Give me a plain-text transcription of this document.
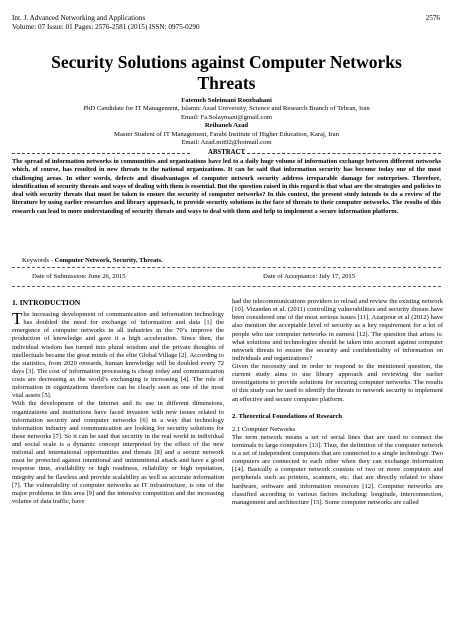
Int. J. Advanced Networking and Applications
Volume: 07 Issue: 01 Pages: 2576-2581 (2015) ISSN: 0975-0290
2576
Security Solutions against Computer Networks
Threats
Fatemeh Soleimani Roozbahani
PhD Candidate for IT Management, Islamic Azad University, Science and Research Branch of Tehran, Iran
Email: Fa.Solaymani@gmail.com
Reihaneh Azad
Master Student of IT Management, Farabi Institute of Higher Education, Karaj, Iran
Email: Azad.mit92@hotmail.com
ABSTRACT
The spread of information networks in communities and organizations have led to a daily huge volume of information exchange between different networks which, of course, has resulted in new threats to the national organizations. It can be said that information security has become today one of the most challenging areas. In other words, defects and disadvantages of computer network security address irreparable damage for enterprises. Therefore, identification of security threats and ways of dealing with them is essential. But the question raised in this regard is that what are the strategies and policies to deal with security threats that must be taken to ensure the security of computer networks? In this context, the present study intends to do a review of the literature by using earlier researches and library approach, to provide security solutions in the face of threats to their computer networks. The results of this research can lead to more understanding of security threats and ways to deal with them and help to implement a secure information platform.
Keywords - Computer Network, Security, Threats.
Date of Submission: June 26, 2015	Date of Acceptance: July 17, 2015
1. INTRODUCTION

The increasing development of communication and information technology has doubled the need for exchange of information and data [1] the emergence of computer networks in all industries in the 70’s improve the production of knowledge and gave it a high acceleration. Since then, the individual wisdom has turned into plural wisdom and the private thoughts of intellectuals became the great minds of the elite Global Village [2]. According to the statistics, from 2020 onwards, human knowledge will be doubled every 72 days [3]. The cost of information processing is cheap today and communication costs are decreasing as the world’s exchanging is increasing [4]. The role of information in organizations therefore can be clearly seen as one of the most vital assets [5].

With the development of the Internet and its use in different dimensions, organizations and institutions have faced invasion with new issues related to information security and computer networks [6] in a way that technology information industry and communication are looking for security solutions for these networks [7]. So it can be said that security in the real world in individual and social scale is a dynamic concept interpreted by the effect of the new national and international opportunities and threats [8] and a secure network must be protected against intentional and unintentional attack and have a good response time, availability or high readiness, reliability or high reputation, integrity and be flawless and provide scalability as well as accurate information [7]. The vulnerability of computer networks as IT infrastructure, is one of the major problems in this area [9] and the intensive competition and the increasing volume of data traffic, have

had the telecommunications providers to reload and review the existing network [10]. Vizandan et al. (2011) controlling vulnerabilities and security threats have been considered one of the most serious issues [11]. Azarpour et al (2012) have also mention the acceptable level of security as a key requirement for a lot of people who use computer networks in earnest [12]. The question that arises is: what solutions and technologies should be taken into account against computer network threats to ensure the security and confidentiality of information on individuals and organizations?

Given the necessity and in order to respond to the mentioned question, the current study aims to use library approach and reviewing the earlier investigations to provide solutions for securing computer networks. The results of this study can be used to identify the threats to network security to implement an effective and secure computer platform.

2. Theoretical Foundations of Research
2.1 Computer Networks

The term network means a set of serial lines that are used to connect the terminals to large computers [13]. Thus, the definition of the computer network is a set of independent computers that are connected to a single technology. Two computers are connected to each other when they can exchange information [14]. Basically a computer network consists of two or more computers and peripherals such as printers, scanners, etc. that are directly related to share hardware, software and information resources [12]. Computer networks are classified according to various factors including: longitude, interconnection, management and architecture [15]. Some computer networks are called
